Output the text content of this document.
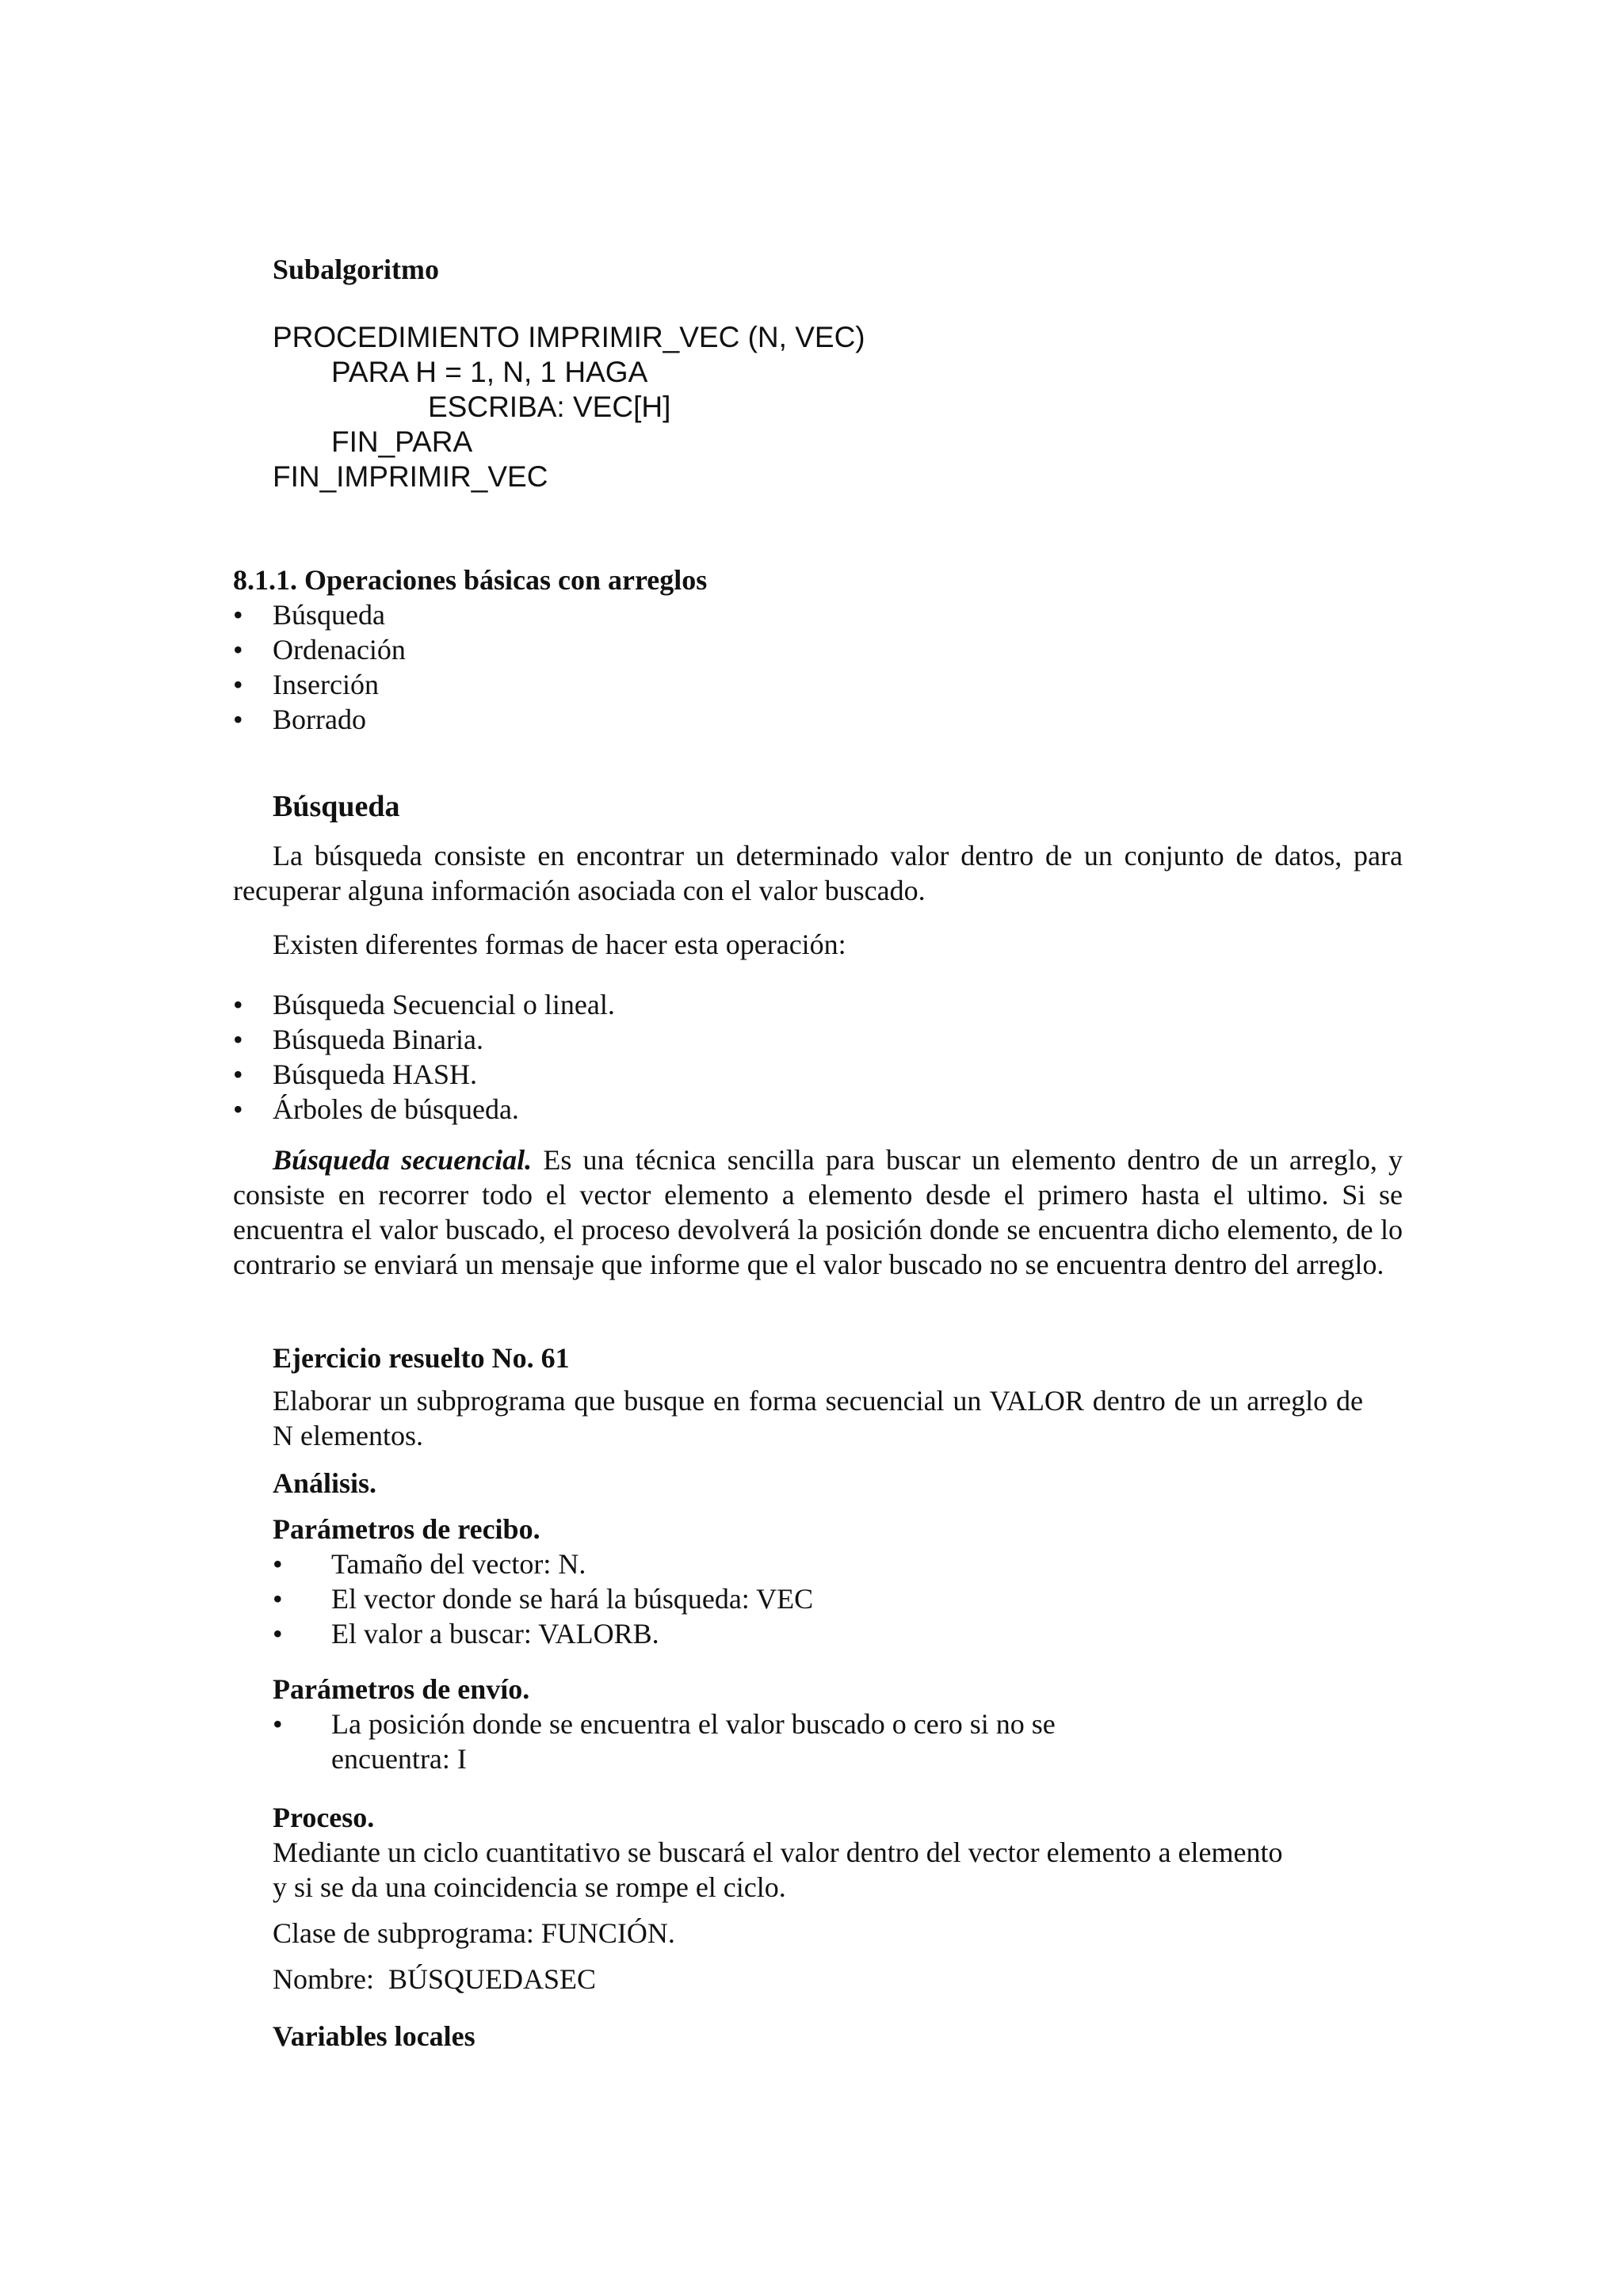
Subalgoritmo

PROCEDIMIENTO IMPRIMIR_VEC (N, VEC)

PARA H = 1, N, 1 HAGA

ESCRIBA: VEC[H]

FIN_PARA

FIN_IMPRIMIR_VEC

8.1.1. Operaciones básicas con arreglos

• Búsqueda
• Ordenación
• Inserción
• Borrado

Búsqueda

La búsqueda consiste en encontrar un determinado valor dentro de un conjunto de datos, para recuperar alguna información asociada con el valor buscado.

Existen diferentes formas de hacer esta operación:

• Búsqueda Secuencial o lineal.
• Búsqueda Binaria.
• Búsqueda HASH.
• Árboles de búsqueda.

Búsqueda secuencial. Es una técnica sencilla para buscar un elemento dentro de un arreglo, y consiste en recorrer todo el vector elemento a elemento desde el primero hasta el ultimo. Si se encuentra el valor buscado, el proceso devolverá la posición donde se encuentra dicho elemento, de lo contrario se enviará un mensaje que informe que el valor buscado no se encuentra dentro del arreglo.

Ejercicio resuelto No. 61

Elaborar un subprograma que busque en forma secuencial un VALOR dentro de un arreglo de N elementos.

Análisis.

Parámetros de recibo.

• Tamaño del vector: N.
• El vector donde se hará la búsqueda: VEC
• El valor a buscar: VALORB.

Parámetros de envío.

• La posición donde se encuentra el valor buscado o cero si no se

encuentra: I

Proceso.

Mediante un ciclo cuantitativo se buscará el valor dentro del vector elemento a elemento

y si se da una coincidencia se rompe el ciclo.

Clase de subprograma: FUNCIÓN.

Nombre:  BÚSQUEDASEC

Variables locales
